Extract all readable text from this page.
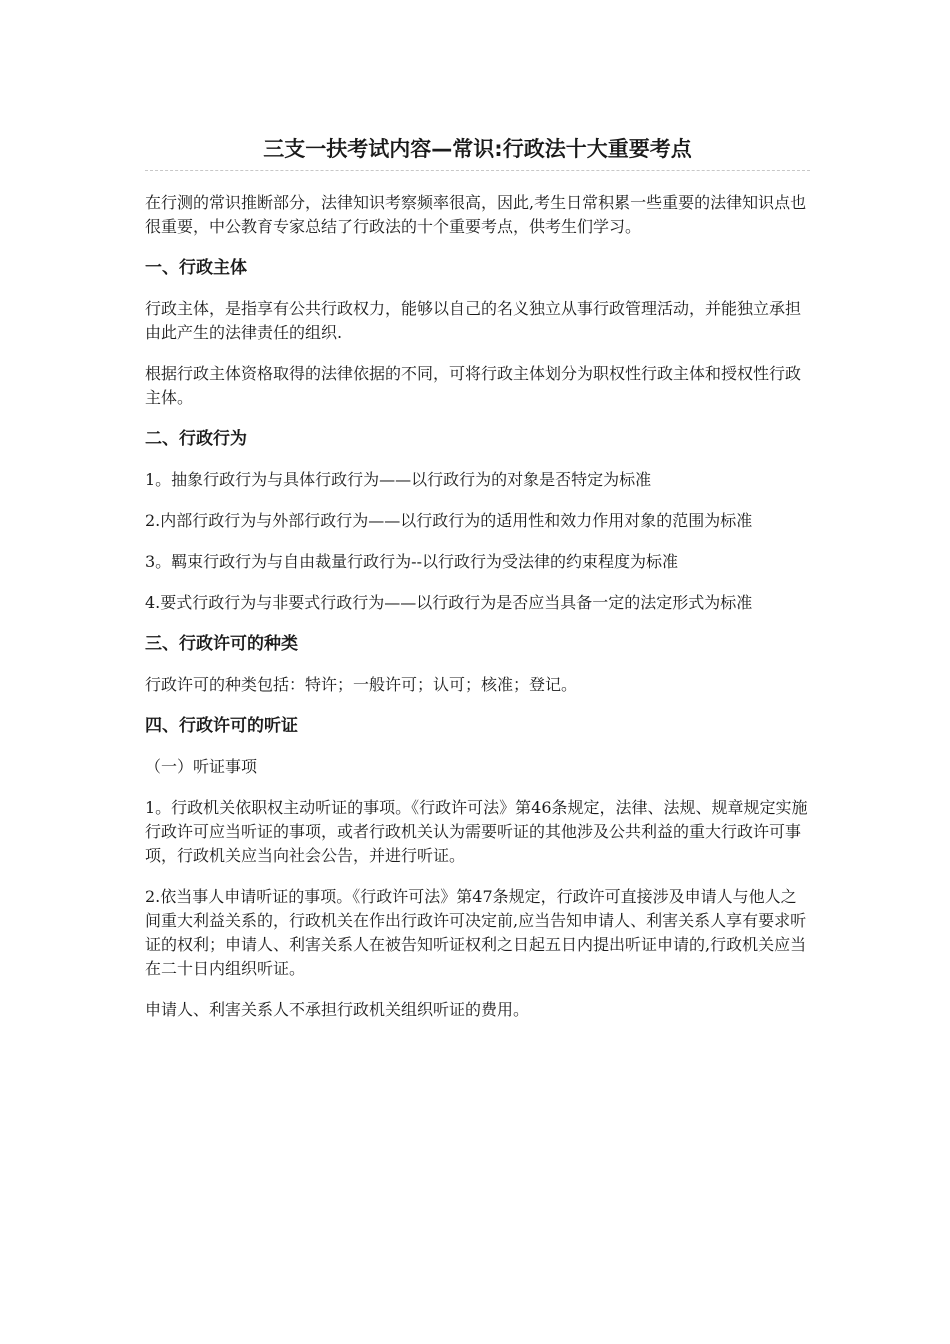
三支一扶考试内容—常识:行政法十大重要考点

在行测的常识推断部分，法律知识考察频率很高，因此,考生日常积累一些重要的法律知识点也很重要，中公教育专家总结了行政法的十个重要考点，供考生们学习。

一、行政主体

行政主体，是指享有公共行政权力，能够以自己的名义独立从事行政管理活动，并能独立承担由此产生的法律责任的组织.

根据行政主体资格取得的法律依据的不同，可将行政主体划分为职权性行政主体和授权性行政主体。

二、行政行为

1。抽象行政行为与具体行政行为——以行政行为的对象是否特定为标准

2.内部行政行为与外部行政行为——以行政行为的适用性和效力作用对象的范围为标准

3。羁束行政行为与自由裁量行政行为--以行政行为受法律的约束程度为标准

4.要式行政行为与非要式行政行为——以行政行为是否应当具备一定的法定形式为标准

三、行政许可的种类

行政许可的种类包括：特许；一般许可；认可；核准；登记。

四、行政许可的听证

（一）听证事项

1。行政机关依职权主动听证的事项。《行政许可法》第46条规定，法律、法规、规章规定实施行政许可应当听证的事项，或者行政机关认为需要听证的其他涉及公共利益的重大行政许可事项，行政机关应当向社会公告，并进行听证。

2.依当事人申请听证的事项。《行政许可法》第47条规定，行政许可直接涉及申请人与他人之间重大利益关系的，行政机关在作出行政许可决定前,应当告知申请人、利害关系人享有要求听证的权利；申请人、利害关系人在被告知听证权利之日起五日内提出听证申请的,行政机关应当在二十日内组织听证。

申请人、利害关系人不承担行政机关组织听证的费用。
